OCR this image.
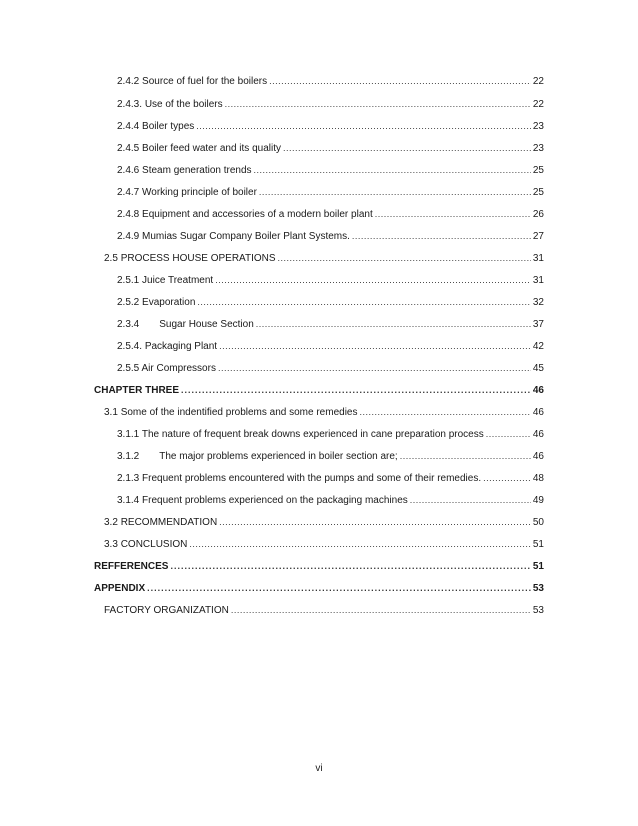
2.4.2 Source of fuel for the boilers .....	22
2.4.3. Use of the boilers .....	22
2.4.4 Boiler types .....	23
2.4.5 Boiler feed water and its quality .....	23
2.4.6 Steam generation trends .....	25
2.4.7 Working principle of boiler .....	25
2.4.8 Equipment and accessories of a modern boiler plant .....	26
2.4.9 Mumias Sugar Company Boiler Plant Systems. .....	27
2.5 PROCESS HOUSE OPERATIONS .....	31
2.5.1 Juice Treatment .....	31
2.5.2 Evaporation .....	32
2.3.4 Sugar House Section .....	37
2.5.4. Packaging Plant .....	42
2.5.5 Air Compressors .....	45
CHAPTER THREE .....	46
3.1 Some of the indentified problems and some remedies .....	46
3.1.1 The nature of frequent break downs experienced in cane preparation process .....	46
3.1.2 The major problems experienced in boiler section are; .....	46
2.1.3 Frequent problems encountered with the pumps and some of their remedies. .....	48
3.1.4 Frequent problems experienced on the packaging machines .....	49
3.2 RECOMMENDATION .....	50
3.3 CONCLUSION .....	51
REFFERENCES .....	51
APPENDIX .....	53
FACTORY ORGANIZATION .....	53
vi
